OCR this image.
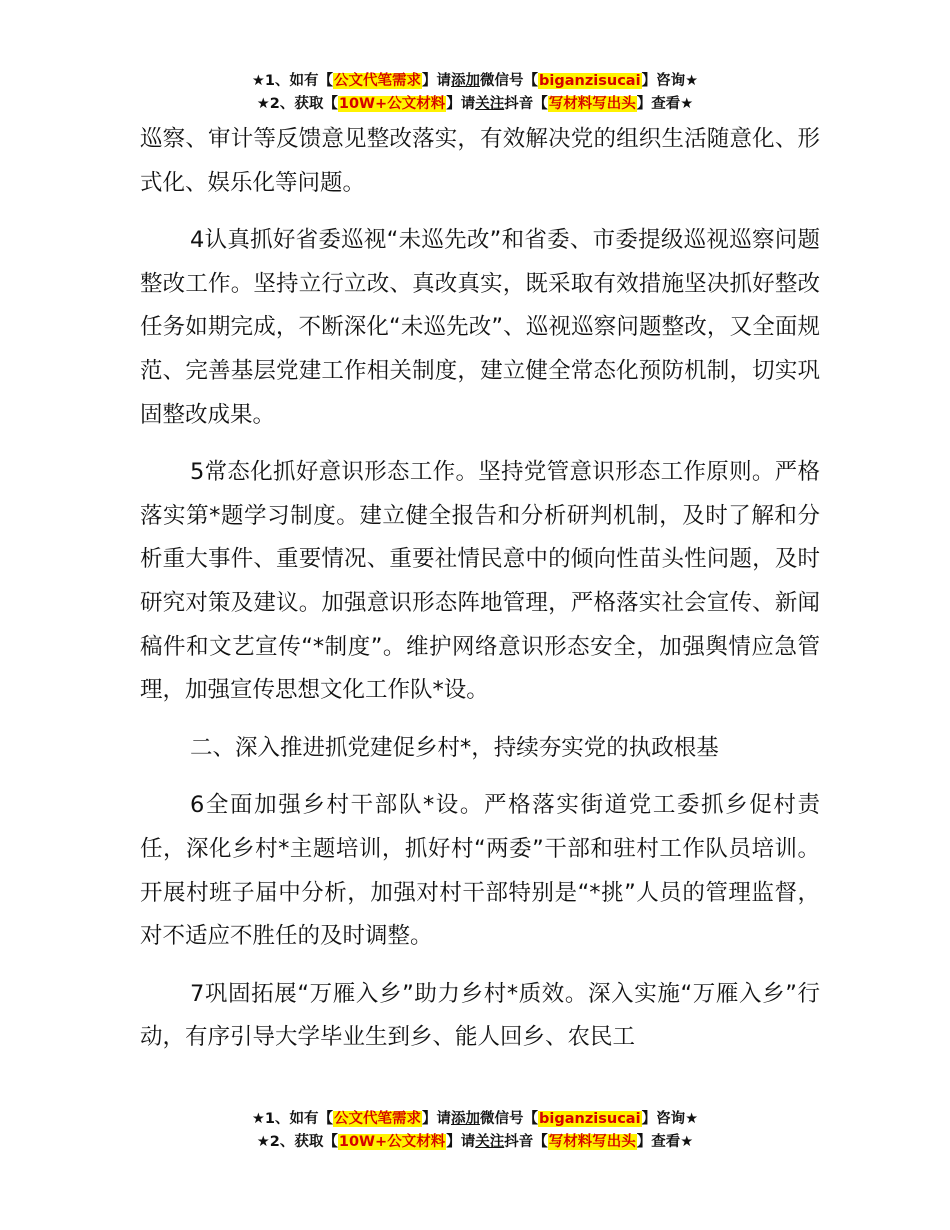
★1、如有【公文代笔需求】请添加微信号【biganzisucai】咨询★
★2、获取【10W+公文材料】请关注抖音【写材料写出头】查看★

巡察、审计等反馈意见整改落实，有效解决党的组织生活随意化、形式化、娱乐化等问题。

4认真抓好省委巡视“未巡先改”和省委、市委提级巡视巡察问题整改工作。坚持立行立改、真改真实，既采取有效措施坚决抓好整改任务如期完成，不断深化“未巡先改”、巡视巡察问题整改，又全面规范、完善基层党建工作相关制度，建立健全常态化预防机制，切实巩固整改成果。

5常态化抓好意识形态工作。坚持党管意识形态工作原则。严格落实第*题学习制度。建立健全报告和分析研判机制，及时了解和分析重大事件、重要情况、重要社情民意中的倾向性苗头性问题，及时研究对策及建议。加强意识形态阵地管理，严格落实社会宣传、新闻稿件和文艺宣传“*制度”。维护网络意识形态安全，加强舆情应急管理，加强宣传思想文化工作队*设。

二、深入推进抓党建促乡村*，持续夯实党的执政根基

6全面加强乡村干部队*设。严格落实街道党工委抓乡促村责任，深化乡村*主题培训，抓好村“两委”干部和驻村工作队员培训。开展村班子届中分析，加强对村干部特别是“*挑”人员的管理监督，对不适应不胜任的及时调整。

7巩固拓展“万雁入乡”助力乡村*质效。深入实施“万雁入乡”行动，有序引导大学毕业生到乡、能人回乡、农民工

★1、如有【公文代笔需求】请添加微信号【biganzisucai】咨询★
★2、获取【10W+公文材料】请关注抖音【写材料写出头】查看★
